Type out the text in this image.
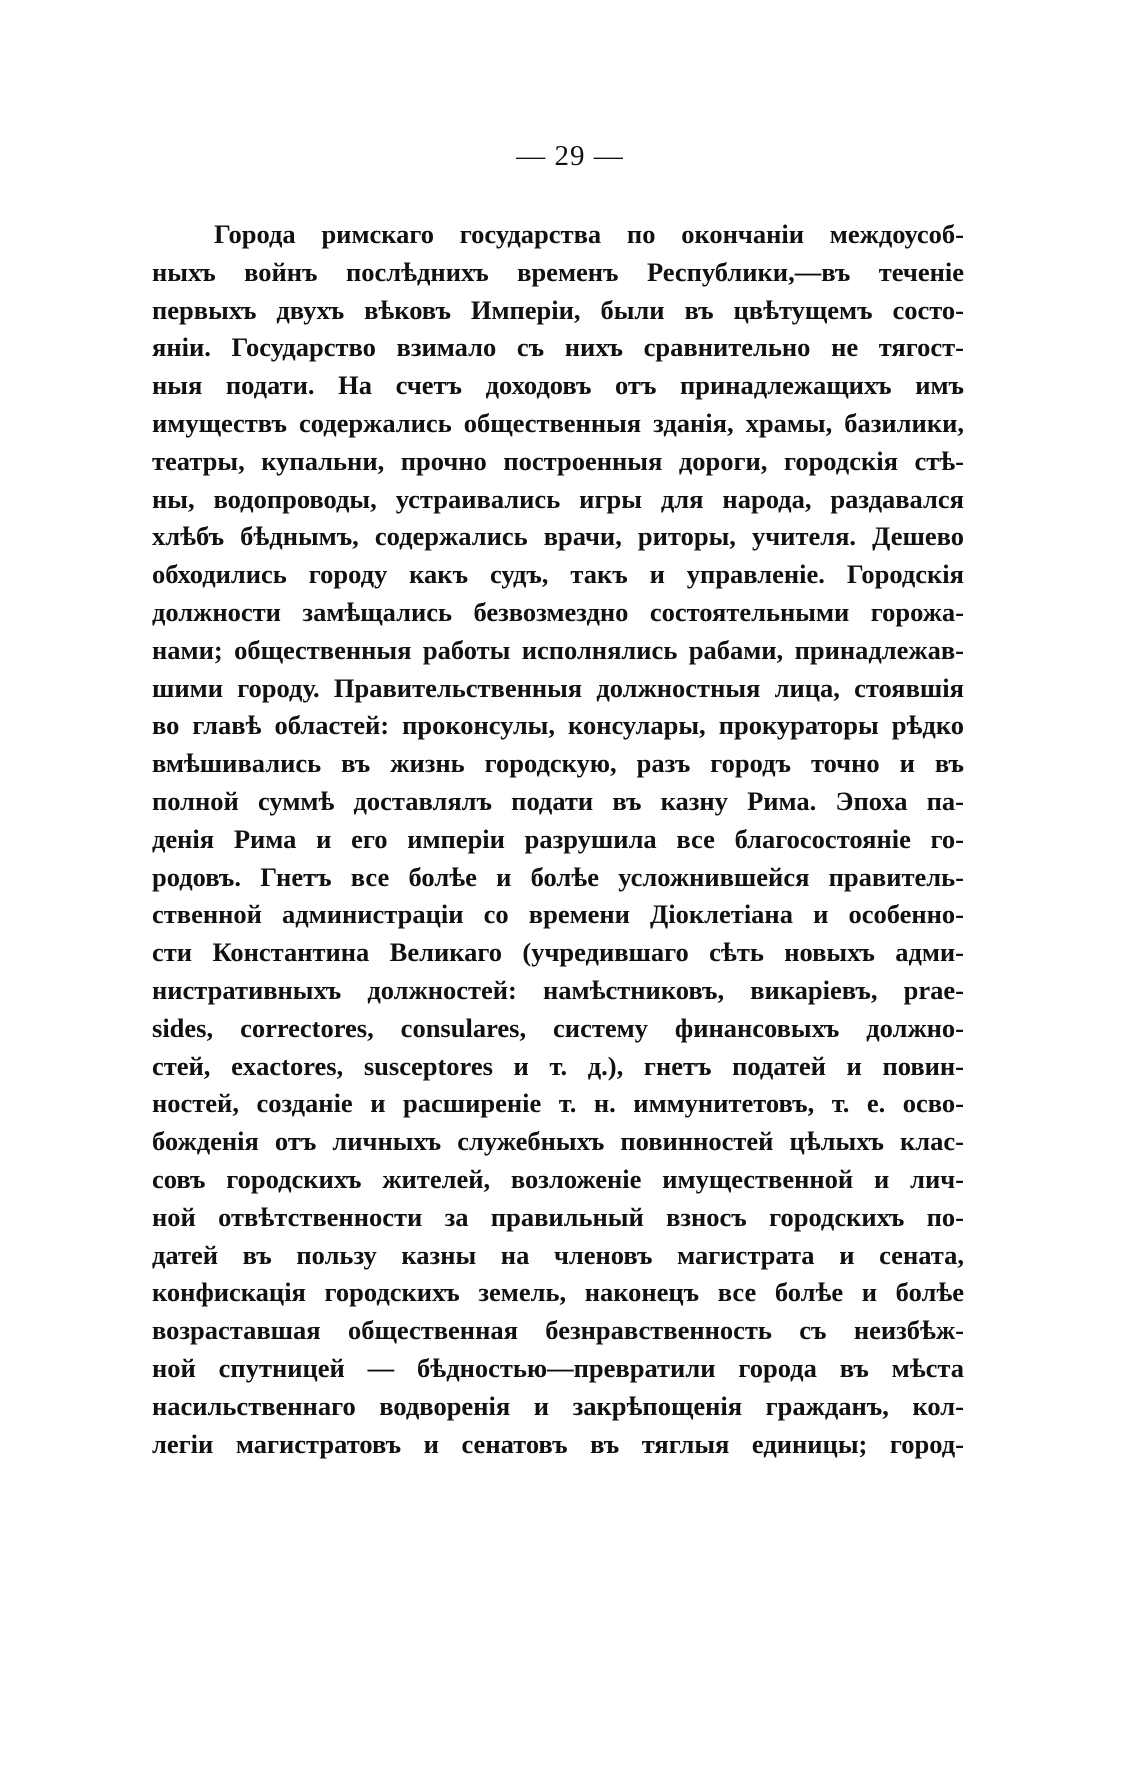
— 29 —
Города римскаго государства по окончаніи междоусоб-
ныхъ войнъ послѣднихъ временъ Республики,—въ теченіе
первыхъ двухъ вѣковъ Имперіи, были въ цвѣтущемъ состо-
яніи. Государство взимало съ нихъ сравнительно не тягост-
ныя подати. На счетъ доходовъ отъ принадлежащихъ имъ
имуществъ содержались общественныя зданія, храмы, базилики,
театры, купальни, прочно построенныя дороги, городскія стѣ-
ны, водопроводы, устраивались игры для народа, раздавался
хлѣбъ бѣднымъ, содержались врачи, риторы, учителя. Дешево
обходились городу какъ судъ, такъ и управленіе. Городскія
должности замѣщались безвозмездно состоятельными горожа-
нами; общественныя работы исполнялись рабами, принадлежав-
шими городу. Правительственныя должностныя лица, стоявшія
во главѣ областей: проконсулы, консулары, прокураторы рѣдко
вмѣшивались въ жизнь городскую, разъ городъ точно и въ
полной суммѣ доставлялъ подати въ казну Рима. Эпоха па-
денія Рима и его имперіи разрушила все благосостояніе го-
родовъ. Гнетъ все болѣе и болѣе усложнившейся правитель-
ственной администраціи со времени Діоклетіана и особенно-
сти Константина Великаго (учредившаго сѣть новыхъ адми-
нистративныхъ должностей: намѣстниковъ, викаріевъ, praе-
sides, correctores, consulares, систему финансовыхъ должно-
стей, exactores, susceptores и т. д.), гнетъ податей и повин-
ностей, созданіе и расширеніе т. н. иммунитетовъ, т. е. осво-
божденія отъ личныхъ служебныхъ повинностей цѣлыхъ клас-
совъ городскихъ жителей, возложеніе имущественной и лич-
ной отвѣтственности за правильный взносъ городскихъ по-
датей въ пользу казны на членовъ магистрата и сената,
конфискація городскихъ земель, наконецъ все болѣе и болѣе
возраставшая общественная безнравственность съ неизбѣж-
ной спутницей — бѣдностью—превратили города въ мѣста
насильственнаго водворенія и закрѣпощенія гражданъ, кол-
легіи магистратовъ и сенатовъ въ тяглыя единицы; город-
